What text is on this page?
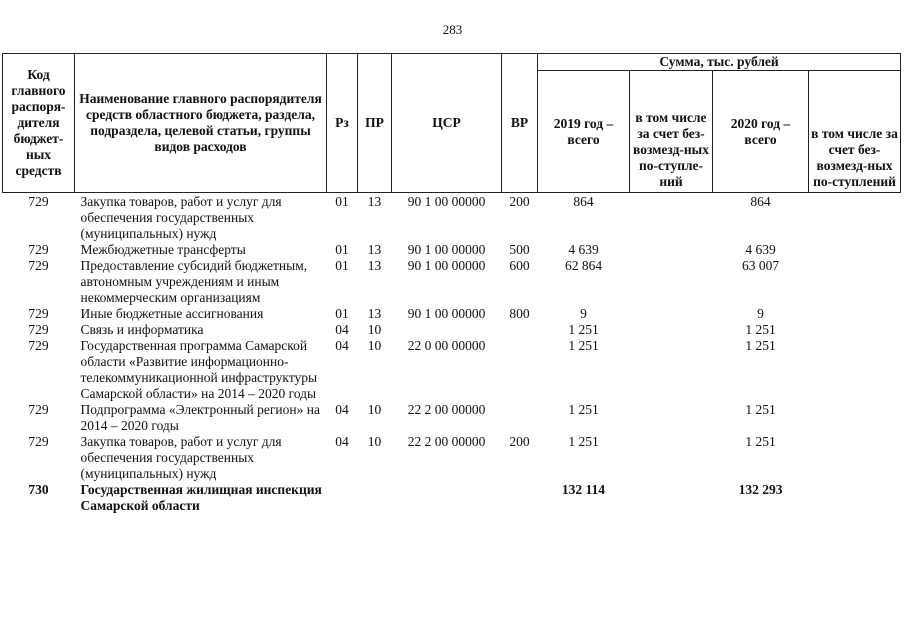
283
Код главного распоря-дителя бюджет-ных средств	Наименование главного распорядителя средств областного бюджета, раздела, подраздела, целевой статьи, группы видов расходов	Рз	ПР	ЦСР	ВР	Сумма, тыс. рублей			
						2019 год – всего	в том числе за счет без-возмезд-ных по-ступле-ний	2020 год – всего	в том числе за счет без-возмезд-ных по-ступлений
729	Закупка товаров, работ и услуг для обеспечения государственных (муниципальных) нужд	01	13	90 1 00 00000	200	864		864	
729	Межбюджетные трансферты	01	13	90 1 00 00000	500	4 639		4 639	
729	Предоставление субсидий бюджетным, автономным учреждениям и иным некоммерческим организациям	01	13	90 1 00 00000	600	62 864		63 007	
729	Иные бюджетные ассигнования	01	13	90 1 00 00000	800	9		9	
729	Связь и информатика	04	10			1 251		1 251	
729	Государственная программа Самарской области «Развитие информационно-телекоммуникационной инфраструктуры Самарской области» на 2014 – 2020 годы	04	10	22 0 00 00000		1 251		1 251	
729	Подпрограмма «Электронный регион» на 2014 – 2020 годы	04	10	22 2 00 00000		1 251		1 251	
729	Закупка товаров, работ и услуг для обеспечения государственных (муниципальных) нужд	04	10	22 2 00 00000	200	1 251		1 251	
730	Государственная жилищная инспекция Самарской области					132 114		132 293	
